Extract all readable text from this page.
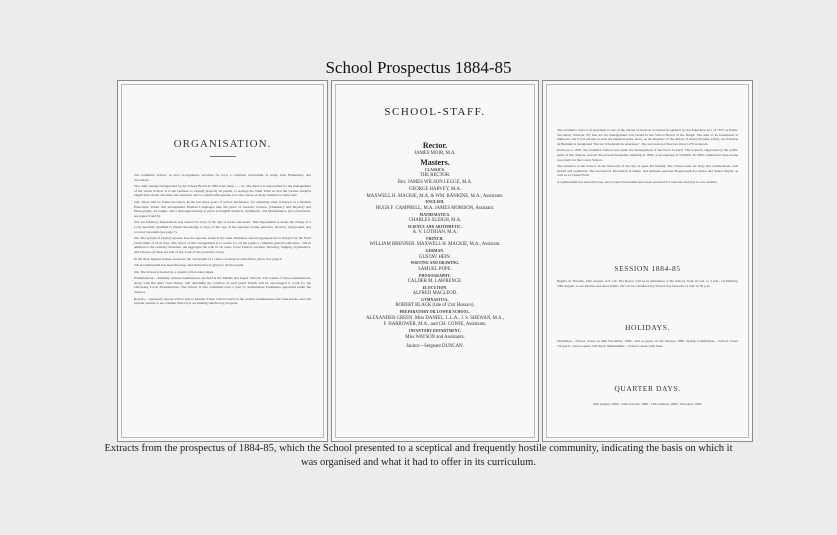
School Prospectus 1884-85
ORGANISATION.

The Grammar School, as now re-organised, provides for boys a complete curriculum of study, both Elementary and Secondary.

The chief changes inaugurated by the School Board in 1881 were these :— 1st. The Rector is responsible for the management of the whole School. It is his business to classify properly all pupils, to arrange the Time Table so that the various subjects taught may obtain due time and attention, and to consult with parents as to the course of study suitable for their sons.

2nd. There will be found provision, in the last three years of school attendance, for obtaining what is known as a Modern Education. Under this arrangement Modern Languages take the place of Ancient; Science (Chemistry and Physics) and Photography are taught, and a thorough training is given in English Subjects, Arithmetic, and Mathematics. (For particulars, see pages 8 and 9).

3rd. An Infantory Department was started for boys of the age of seven and under. This Department is under the charge of a Lady specially qualified to impart knowledge to boys of this age. It has separate rooms, entrance, lavatory, playground, and covered verandah (see page 7).

4th. The system of paying separate fees for separate subjects has been abolished, and an aggregate fee is charged for the fixed Curriculum of each class. The object of this arrangement is to secure for all the pupils a complete general education ; and in addition to the ordinary branches, the aggregate fee will, in all cases, cover French, German, Drawing, Singing, Gymnastics, and Science (if these are part of the work of the particular class).

In the three highest classes, however, the old system of a choice of subjects will still be given. See page 9.

5th. A Gymnasium has been fitted up, and instruction is given to all the pupils.

6th. The School is heated by a system of hot-water pipes.

Examinations.—Monthly written examinations are held in the Middle and Upper Schools. The results of these examinations, along with the daily class marks, will determine the position of each pupil. Pupils will be encouraged to work for the University Local Examinations. The School is also examined once a year by independent Examiners appointed under the Statutes.

Reports.—Quarterly reports will be sent to parents. These will be based on the written examinations and class-marks, and will explain parents to see whether their boys are making satisfactory progress.

SCHOOL-STAFF.
Rector.
JAMES MOIR, M.A.
Masters.
CLASSICS.
THE RECTOR.
Rev. JAMES WILSON LEGGE, M.A.
GEORGE HARVEY, M.A.
MAXWELL H. MACKIE, M.A. & WM. RANKINE, M.A., Assistants.
ENGLISH.
HUGH F. CAMPBELL, M.A. JAMES MORISON, Assistant.
MATHEMATICS.
CHARLES SLEIGH, M.A.
SCIENCE AND ARITHMETIC.
A. V. LOTHIAN, M.A.
FRENCH.
WILLIAM BRENNER. MAXWELL H. MACKIE, M.A., Assistant.
GERMAN.
GUSTAV HEIN.
WRITING AND DRAWING.
SAMUEL POPE.
PHONOGRAPHY.
CALDER M. LAWRENCE.
ELOCUTION.
ALFRED MACLEOD.
GYMNASTICS.
ROBERT BLACK (late of 21st Hussars).
PREPARATORY OR LOWER SCHOOL.
ALEXANDER GREEN. Miss DANIEL, L.L.A., J. S. SHEWAN, M.A.,
F. HARROWER, M.A., and CH. COWIE, Assistants.
INFANTORY DEPARTMENT.
Miss WATSON and Assistants.
Janitor—Sergeant DUNCAN.

The Grammar School of Aberdeen is one of the eleven Schools in Scotland recognised by the Education Act of 1872 as Public Secondary Schools. By that Act its management was vested in the School Board of the Burgh. The date of its foundation is unknown, but it has existed at least six hundred years, since, in the Register of the Abbey of Arbroath (date 1262), one Thomas de Bennum is designated "Rector Scholarum de Aberdene". The succession of Rectors since 1479 is known.

Previous to 1870, the Grammar School was under the management of the Town Council. The Council, supported by the public spirit of the citizens, erected the present handsome building in 1863, at an expense of £20,000. In 1882, additional Class-rooms were built for the Lower School.

The situation of the School, in the West-end of the city, is open and healthy. The Class-rooms are large and commodious, well heated and ventilated. The Ground for Recreation is ample, and includes separate Playgrounds for Junior and Senior Pupils, as well as a Cricket Field.

A Gymnasium has been fitted up, and covered Verandahs have been provided for exercise and play in wet weather.

SESSION 1884-85
Begins on Tuesday, 16th August, at 9 a.m. The Rector will be in attendance at the School, from 10 a.m. to 2 p.m., on Monday, 10th August, to see Parents and enrol Pupils. He can be consulted any School-day between 12 and 12-30 p.m.
HOLIDAYS.
Christmas.—School closes on 24th December, 1884 ; and re-opens on 5th January, 1885. Spring Communion.—School closes 7th April ; and re-opens 13th April. Midsummer.—School closes 24th June.
QUARTER DAYS.
16th August, 1884 ; 24th October, 1884 ; 15th January, 1885 ; 8th April, 1885.
Extracts from the prospectus of 1884-85, which the School presented to a sceptical and frequently hostile community, indicating the basis on which it was organised and what it had to offer in its curriculum.
